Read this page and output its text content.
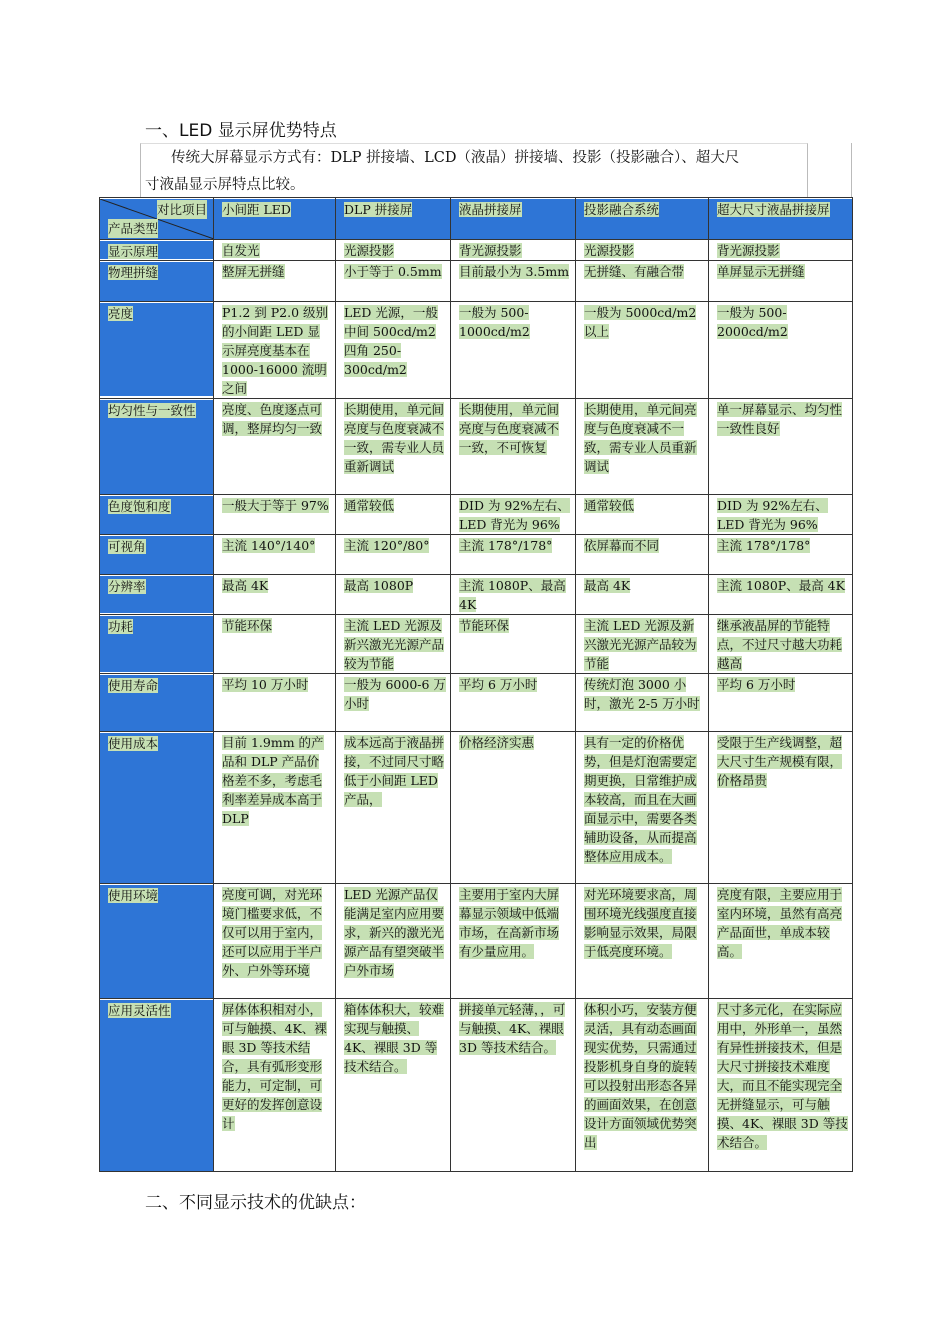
一、LED 显示屏优势特点
传统大屏幕显示方式有：DLP 拼接墙、LCD（液晶）拼接墙、投影（投影融合）、超大尺
寸液晶显示屏特点比较。
对比项目
产品类型	小间距 LED	DLP 拼接屏	液晶拼接屏	投影融合系统	超大尺寸液晶拼接屏

显示原理	自发光	光源投影	背光源投影	光源投影	背光源投影

物理拼缝	整屏无拼缝	小于等于 0.5mm	目前最小为 3.5mm	无拼缝、有融合带	单屏显示无拼缝

亮度	P1.2 到 P2.0 级别的小间距 LED 显示屏亮度基本在 1000-16000 流明之间	LED 光源，一般中间 500cd/m2 四角 250-300cd/m2	一般为 500-1000cd/m2	一般为 5000cd/m2 以上	一般为 500-2000cd/m2

均匀性与一致性	亮度、色度逐点可调，整屏均匀一致	长期使用，单元间亮度与色度衰减不一致，需专业人员重新调试	长期使用，单元间亮度与色度衰减不一致，不可恢复	长期使用，单元间亮度与色度衰减不一致，需专业人员重新调试	单一屏幕显示、均匀性一致性良好

色度饱和度	一般大于等于 97%	通常较低	DID 为 92%左右、LED 背光为 96%	通常较低	DID 为 92%左右、LED 背光为 96%

可视角	主流 140°/140°	主流 120°/80°	主流 178°/178°	依屏幕而不同	主流 178°/178°

分辨率	最高 4K	最高 1080P	主流 1080P、最高 4K	最高 4K	主流 1080P、最高 4K

功耗	节能环保	主流 LED 光源及新兴激光光源产品较为节能	节能环保	主流 LED 光源及新兴激光光源产品较为节能	继承液晶屏的节能特点，不过尺寸越大功耗越高

使用寿命	平均 10 万小时	一般为 6000-6 万小时	平均 6 万小时	传统灯泡 3000 小时，激光 2-5 万小时	平均 6 万小时

使用成本	目前 1.9mm 的产品和 DLP 产品价格差不多，考虑毛利率差异成本高于 DLP	成本远高于液晶拼接，不过同尺寸略低于小间距 LED 产品，	价格经济实惠	具有一定的价格优势，但是灯泡需要定期更换，日常维护成本较高，而且在大画面显示中，需要各类辅助设备，从而提高整体应用成本。	受限于生产线调整，超大尺寸生产规模有限，价格昂贵

使用环境	亮度可调，对光环境门槛要求低，不仅可以用于室内，还可以应用于半户外、户外等环境	LED 光源产品仅能满足室内应用要求，新兴的激光光源产品有望突破半户外市场	主要用于室内大屏幕显示领域中低端市场，在高新市场有少量应用。	对光环境要求高，周围环境光线强度直接影响显示效果，局限于低亮度环境。	亮度有限，主要应用于室内环境，虽然有高亮产品面世，单成本较高。

应用灵活性	屏体体积相对小，可与触摸、4K、裸眼 3D 等技术结合，具有弧形变形能力，可定制，可更好的发挥创意设计	箱体体积大，较难实现与触摸、4K、裸眼 3D 等技术结合。	拼接单元轻薄，，可与触摸、4K、裸眼 3D 等技术结合。	体积小巧，安装方便灵活，具有动态画面现实优势，只需通过投影机身自身的旋转可以投射出形态各异的画面效果，在创意设计方面领域优势突出	尺寸多元化，在实际应用中，外形单一，虽然有异性拼接技术，但是大尺寸拼接技术难度大，而且不能实现完全无拼缝显示，可与触摸、4K、裸眼 3D 等技术结合。
二、不同显示技术的优缺点：
